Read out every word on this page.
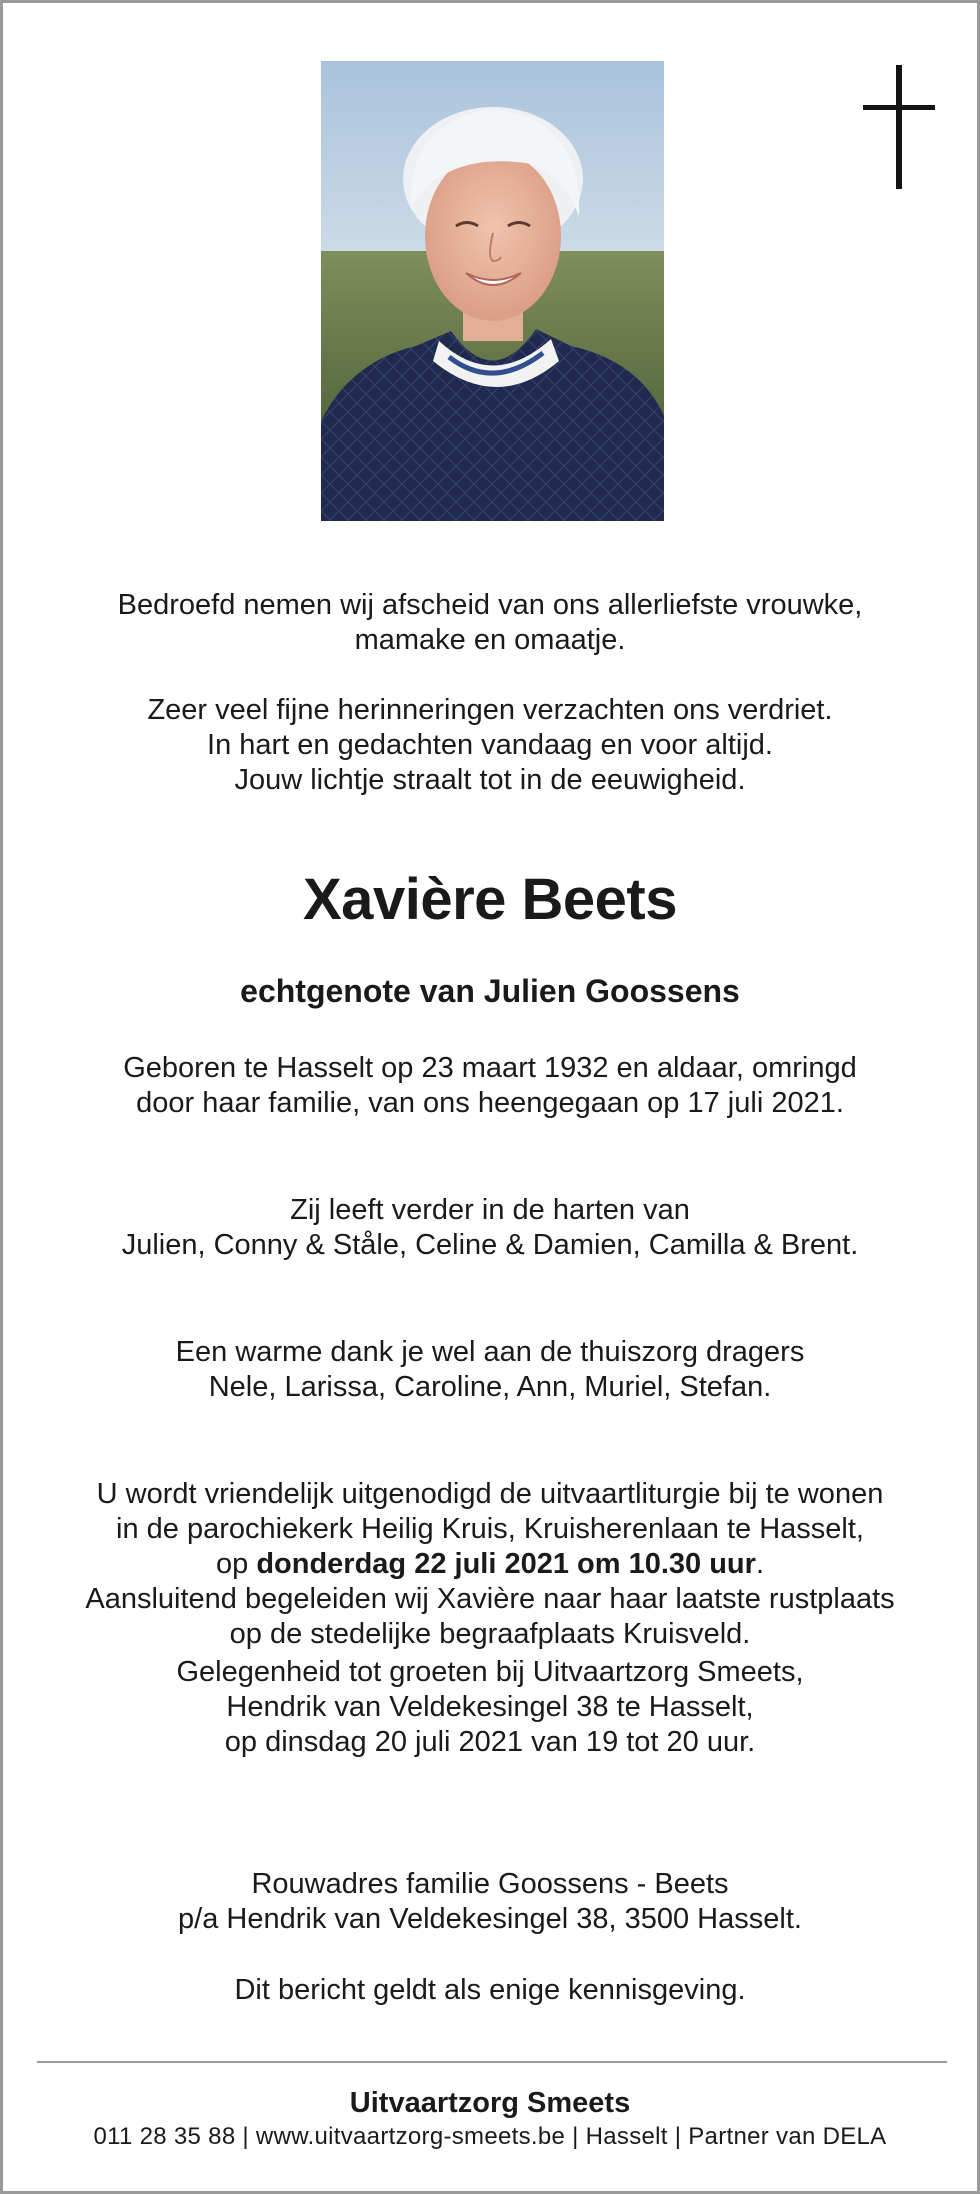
Bedroefd nemen wij afscheid van ons allerliefste vrouwke,

mamake en omaatje.

Zeer veel fijne herinneringen verzachten ons verdriet.

In hart en gedachten vandaag en voor altijd.

Jouw lichtje straalt tot in de eeuwigheid.

Xavière Beets
echtgenote van Julien Goossens

Geboren te Hasselt op 23 maart 1932 en aldaar, omringd

door haar familie, van ons heengegaan op 17 juli 2021.

Zij leeft verder in de harten van

Julien, Conny & Ståle, Celine & Damien, Camilla & Brent.

Een warme dank je wel aan de thuiszorg dragers

Nele, Larissa, Caroline, Ann, Muriel, Stefan.

U wordt vriendelijk uitgenodigd de uitvaartliturgie bij te wonen

in de parochiekerk Heilig Kruis, Kruisherenlaan te Hasselt,

op donderdag 22 juli 2021 om 10.30 uur.

Aansluitend begeleiden wij Xavière naar haar laatste rustplaats

op de stedelijke begraafplaats Kruisveld.

Gelegenheid tot groeten bij Uitvaartzorg Smeets,

Hendrik van Veldekesingel 38 te Hasselt,

op dinsdag 20 juli 2021 van 19 tot 20 uur.

Rouwadres familie Goossens - Beets

p/a Hendrik van Veldekesingel 38, 3500 Hasselt.

Dit bericht geldt als enige kennisgeving.

Uitvaartzorg Smeets
011 28 35 88 | www.uitvaartzorg-smeets.be | Hasselt | Partner van DELA
